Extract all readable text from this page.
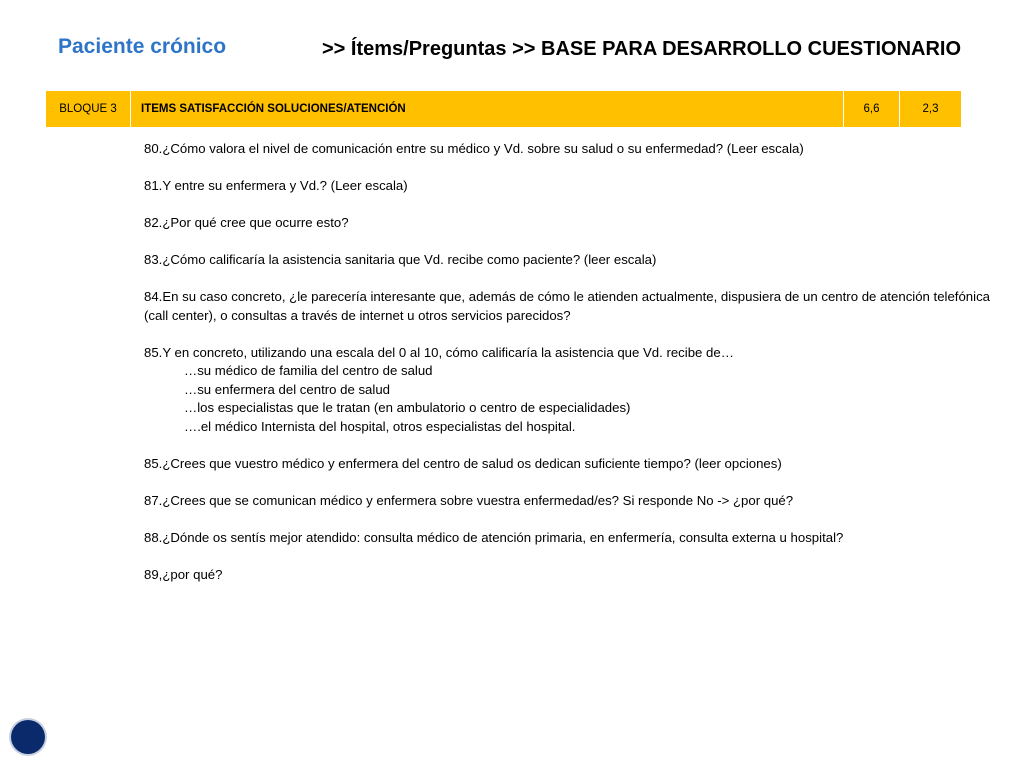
Paciente crónico	>> Ítems/Preguntas >> BASE PARA DESARROLLO CUESTIONARIO
BLOQUE 3	ITEMS SATISFACCIÓN SOLUCIONES/ATENCIÓN	6,6	2,3
80.¿Cómo valora el nivel de comunicación entre su médico y Vd. sobre su salud o su enfermedad? (Leer escala)
81.Y entre su enfermera y Vd.? (Leer escala)
82.¿Por qué cree que ocurre esto?
83.¿Cómo calificaría la asistencia sanitaria que Vd. recibe como paciente? (leer escala)
84.En su caso concreto, ¿le parecería interesante que, además de cómo le atienden actualmente, dispusiera de un centro de atención telefónica (call center), o consultas a través de internet u otros servicios parecidos?
85.Y en concreto, utilizando una escala del 0 al 10, cómo calificaría la asistencia que Vd. recibe de…
…su médico de familia del centro de salud
…su enfermera del centro de salud
…los especialistas que le tratan (en ambulatorio o centro de especialidades)
….el médico Internista del hospital, otros especialistas del hospital.
85.¿Crees que vuestro médico y enfermera del centro de salud os dedican suficiente tiempo? (leer opciones)
87.¿Crees que se comunican médico y enfermera sobre vuestra enfermedad/es? Si responde No -> ¿por qué?
88.¿Dónde os sentís mejor atendido: consulta médico de atención primaria, en enfermería, consulta externa u hospital?
89,¿por qué?
